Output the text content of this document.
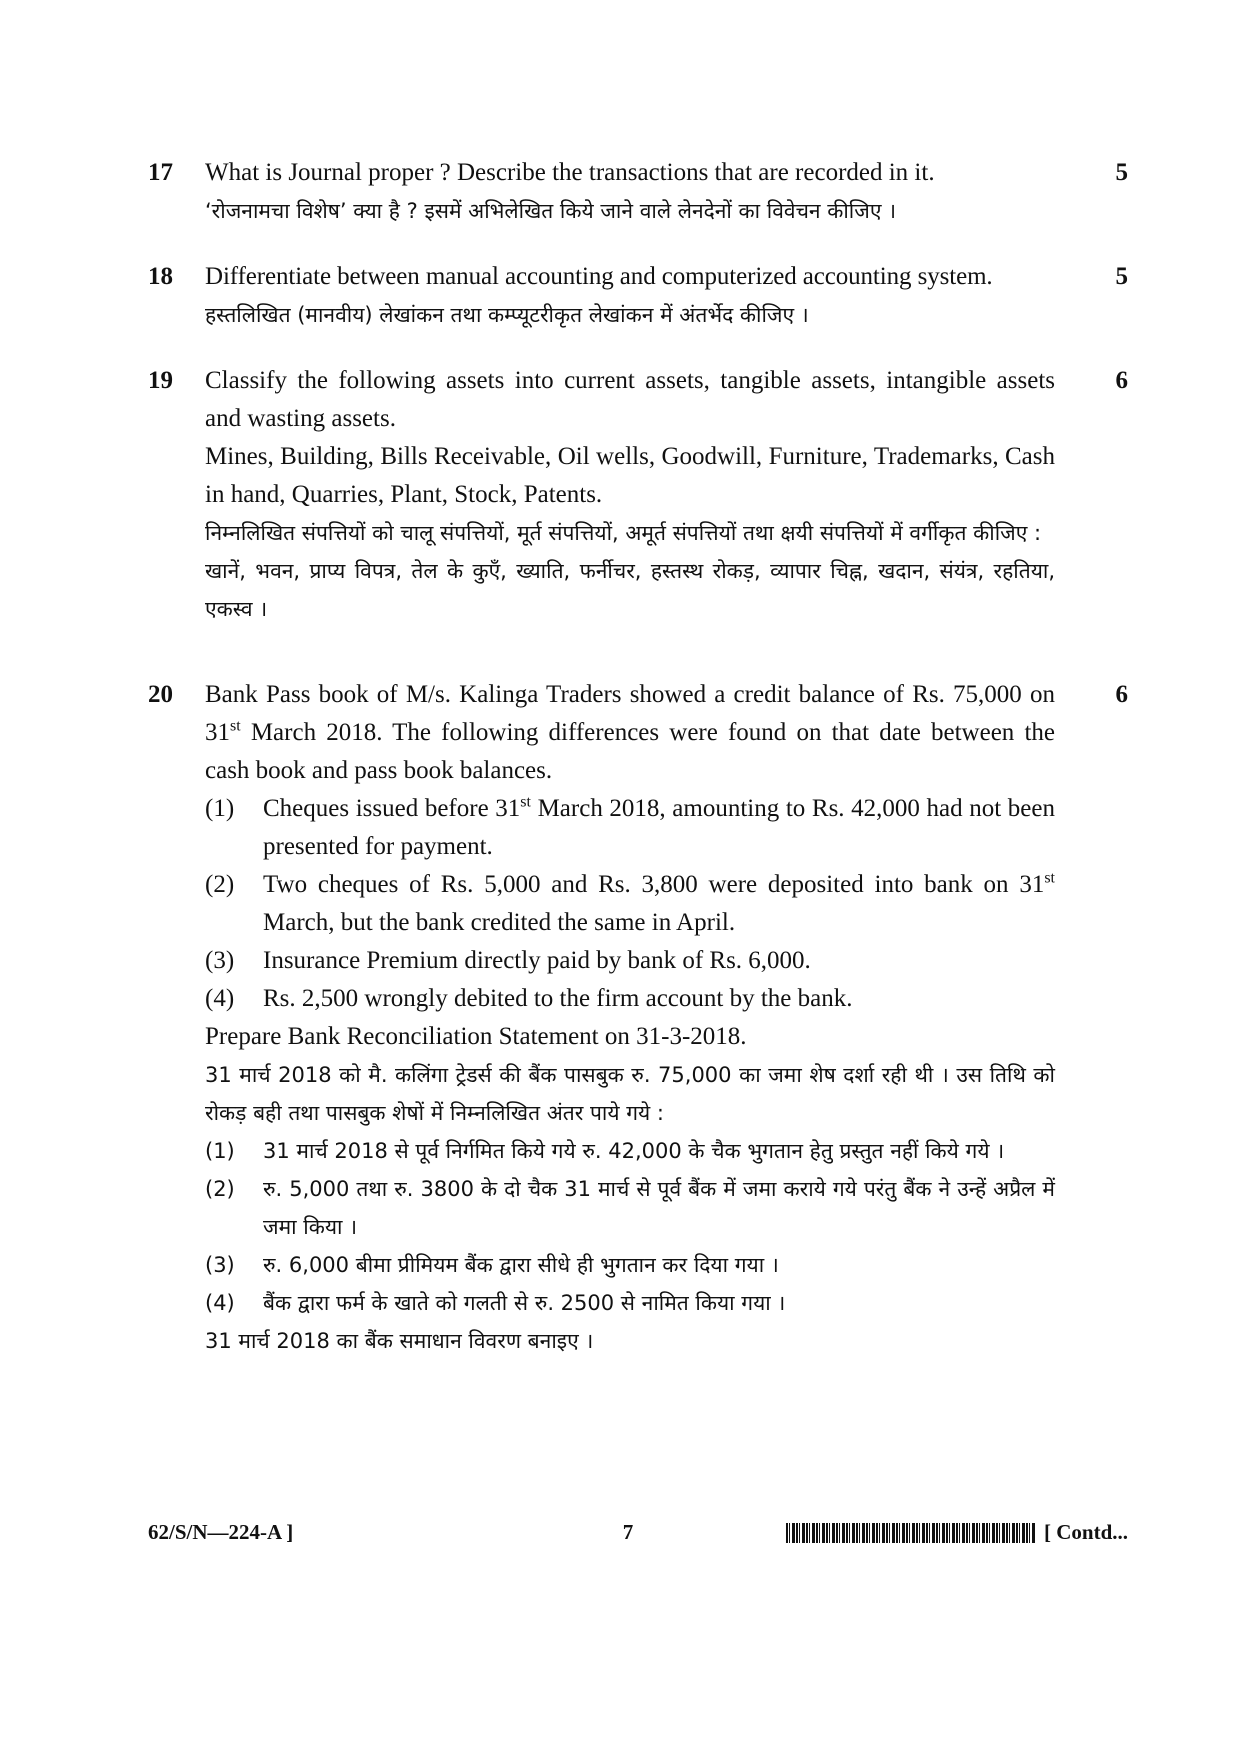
17	What is Journal proper ? Describe the transactions that are recorded in it.

‘रोजनामचा विशेष’ क्या है ? इसमें अभिलेखित किये जाने वाले लेनदेनों का विवेचन कीजिए ।

5
18	Differentiate between manual accounting and computerized accounting system.

हस्तलिखित (मानवीय) लेखांकन तथा कम्प्यूटरीकृत लेखांकन में अंतर्भेद कीजिए ।

5
19	Classify the following assets into current assets, tangible assets, intangible assets and wasting assets.

Mines, Building, Bills Receivable, Oil wells, Goodwill, Furniture, Trademarks, Cash in hand, Quarries, Plant, Stock, Patents.

निम्नलिखित संपत्तियों को चालू संपत्तियों, मूर्त संपत्तियों, अमूर्त संपत्तियों तथा क्षयी संपत्तियों में वर्गीकृत कीजिए :

खानें, भवन, प्राप्य विपत्र, तेल के कुएँ, ख्याति, फर्नीचर, हस्तस्थ रोकड़, व्यापार चिह्न, खदान, संयंत्र, रहतिया, एकस्व ।

6
20	Bank Pass book of M/s. Kalinga Traders showed a credit balance of Rs. 75,000 on 31st March 2018. The following differences were found on that date between the cash book and pass book balances.

(1) Cheques issued before 31st March 2018, amounting to Rs. 42,000 had not been presented for payment.

(2) Two cheques of Rs. 5,000 and Rs. 3,800 were deposited into bank on 31st March, but the bank credited the same in April.

(3) Insurance Premium directly paid by bank of Rs. 6,000.

(4) Rs. 2,500 wrongly debited to the firm account by the bank.

Prepare Bank Reconciliation Statement on 31-3-2018.

31 मार्च 2018 को मै. कलिंगा ट्रेडर्स की बैंक पासबुक रु. 75,000 का जमा शेष दर्शा रही थी । उस तिथि को रोकड़ बही तथा पासबुक शेषों में निम्नलिखित अंतर पाये गये :

(1) 31 मार्च 2018 से पूर्व निर्गमित किये गये रु. 42,000 के चैक भुगतान हेतु प्रस्तुत नहीं किये गये ।

(2) रु. 5,000 तथा रु. 3800 के दो चैक 31 मार्च से पूर्व बैंक में जमा कराये गये परंतु बैंक ने उन्हें अप्रैल में जमा किया ।

(3) रु. 6,000 बीमा प्रीमियम बैंक द्वारा सीधे ही भुगतान कर दिया गया ।

(4) बैंक द्वारा फर्म के खाते को गलती से रु. 2500 से नामित किया गया ।

31 मार्च 2018 का बैंक समाधान विवरण बनाइए ।

6
62/S/N—224-A ]	7	[ Contd...
